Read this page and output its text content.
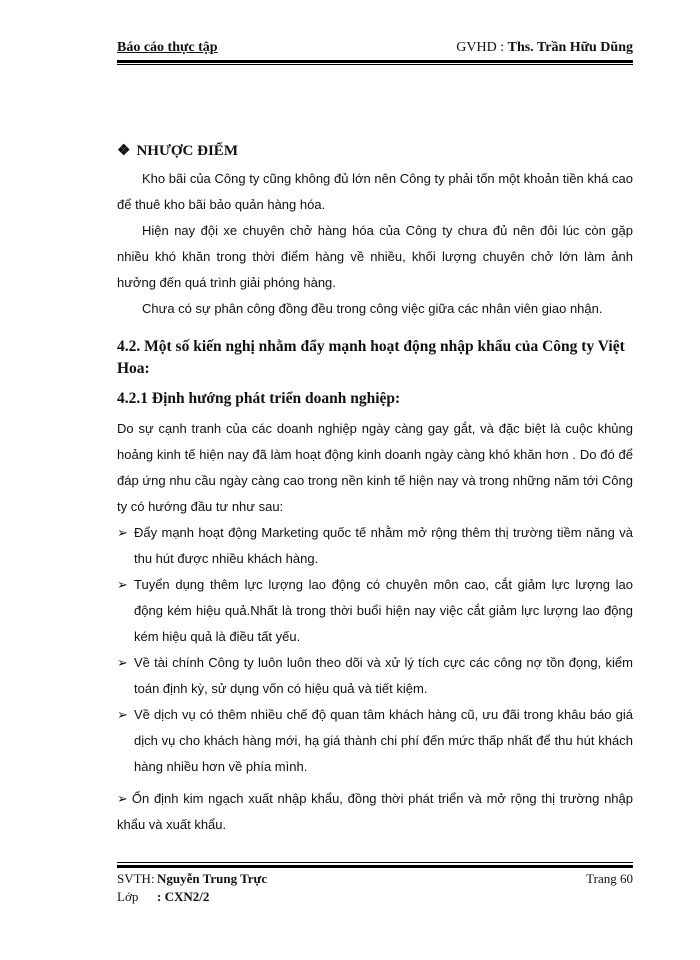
Báo cáo thực tập	GVHD : Ths. Trần Hữu Dũng
❖ NHƯỢC ĐIỂM

Kho bãi của Công ty cũng không đủ lớn nên Công ty phải tốn một khoản tiền khá cao để thuê kho bãi bảo quản hàng hóa.

Hiện nay đội xe chuyên chở hàng hóa của Công ty chưa đủ nên đôi lúc còn gặp nhiều khó khăn trong thời điểm hàng về nhiều, khối lượng chuyên chở lớn làm ảnh hưởng đến quá trình giải phóng hàng.

Chưa có sự phân công đồng đều trong công việc giữa các nhân viên giao nhận.

4.2. Một số kiến nghị nhằm đẩy mạnh hoạt động nhập khẩu của Công ty Việt Hoa:
4.2.1 Định hướng phát triển doanh nghiệp:

Do sự cạnh tranh của các doanh nghiệp ngày càng gay gắt, và đặc biệt là cuộc khủng hoảng kinh tế hiện nay đã làm hoạt động kinh doanh ngày càng khó khăn hơn . Do đó để đáp ứng nhu cầu ngày càng cao trong nền kinh tế hiện nay và trong những năm tới Công ty có hướng đầu tư như sau:

➢ Đẩy mạnh hoạt động Marketing quốc tế nhằm mở rộng thêm thị trường tiềm năng và thu hút được nhiều khách hàng.
➢ Tuyển dụng thêm lực lượng lao động có chuyên môn cao, cắt giảm lực lượng lao động kém hiệu quả.Nhất là trong thời buổi hiện nay việc cắt giảm lực lượng lao động kém hiệu quả là điều tất yếu.
➢ Về tài chính Công ty luôn luôn theo dõi và xử lý tích cực các công nợ tồn đọng, kiểm toán định kỳ, sử dụng vốn có hiệu quả và tiết kiệm.
➢ Về dịch vụ có thêm nhiều chế độ quan tâm khách hàng cũ, ưu đãi trong khâu báo giá dịch vụ cho khách hàng mới, hạ giá thành chi phí đến mức thấp nhất để thu hút khách hàng nhiều hơn về phía mình.
➢ Ổn định kim ngạch xuất nhập khẩu, đồng thời phát triển và mở rộng thị trường nhập khẩu và xuất khẩu.
SVTH: Nguyễn Trung Trực	Trang 60
Lớp : CXN2/2
